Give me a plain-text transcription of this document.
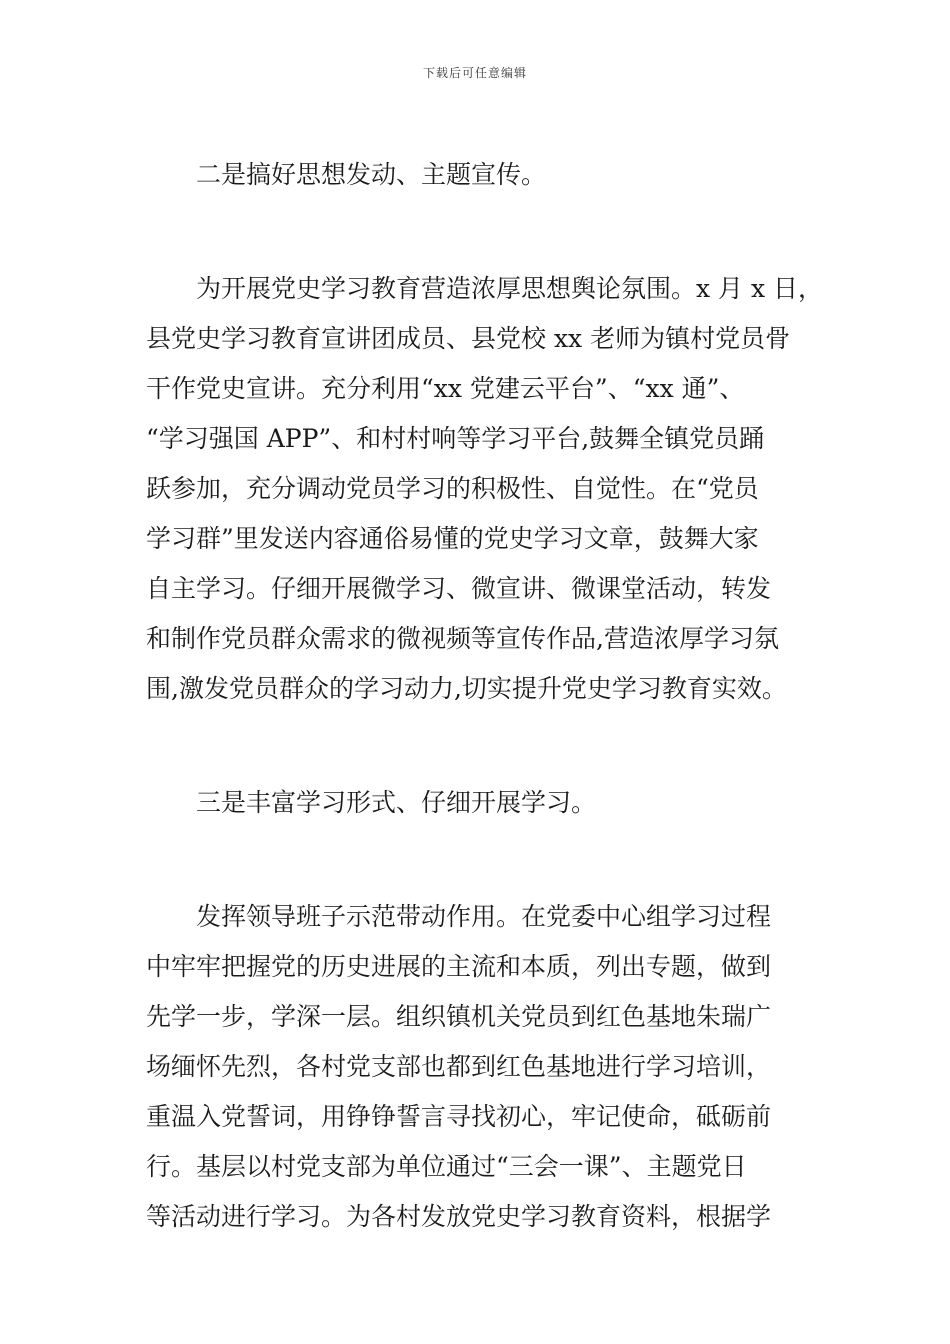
下载后可任意编辑

二是搞好思想发动、主题宣传。

为开展党史学习教育营造浓厚思想舆论氛围。x 月 x 日，
县党史学习教育宣讲团成员、县党校 xx 老师为镇村党员骨
干作党史宣讲。充分利用“xx 党建云平台”、“xx 通”、
“学习强国 APP”、和村村响等学习平台,鼓舞全镇党员踊
跃参加，充分调动党员学习的积极性、自觉性。在“党员
学习群”里发送内容通俗易懂的党史学习文章，鼓舞大家
自主学习。仔细开展微学习、微宣讲、微课堂活动，转发
和制作党员群众需求的微视频等宣传作品,营造浓厚学习氛
围,激发党员群众的学习动力,切实提升党史学习教育实效。

三是丰富学习形式、仔细开展学习。

发挥领导班子示范带动作用。在党委中心组学习过程
中牢牢把握党的历史进展的主流和本质，列出专题，做到
先学一步，学深一层。组织镇机关党员到红色基地朱瑞广
场缅怀先烈，各村党支部也都到红色基地进行学习培训，
重温入党誓词，用铮铮誓言寻找初心，牢记使命，砥砺前
行。基层以村党支部为单位通过“三会一课”、主题党日
等活动进行学习。为各村发放党史学习教育资料，根据学
